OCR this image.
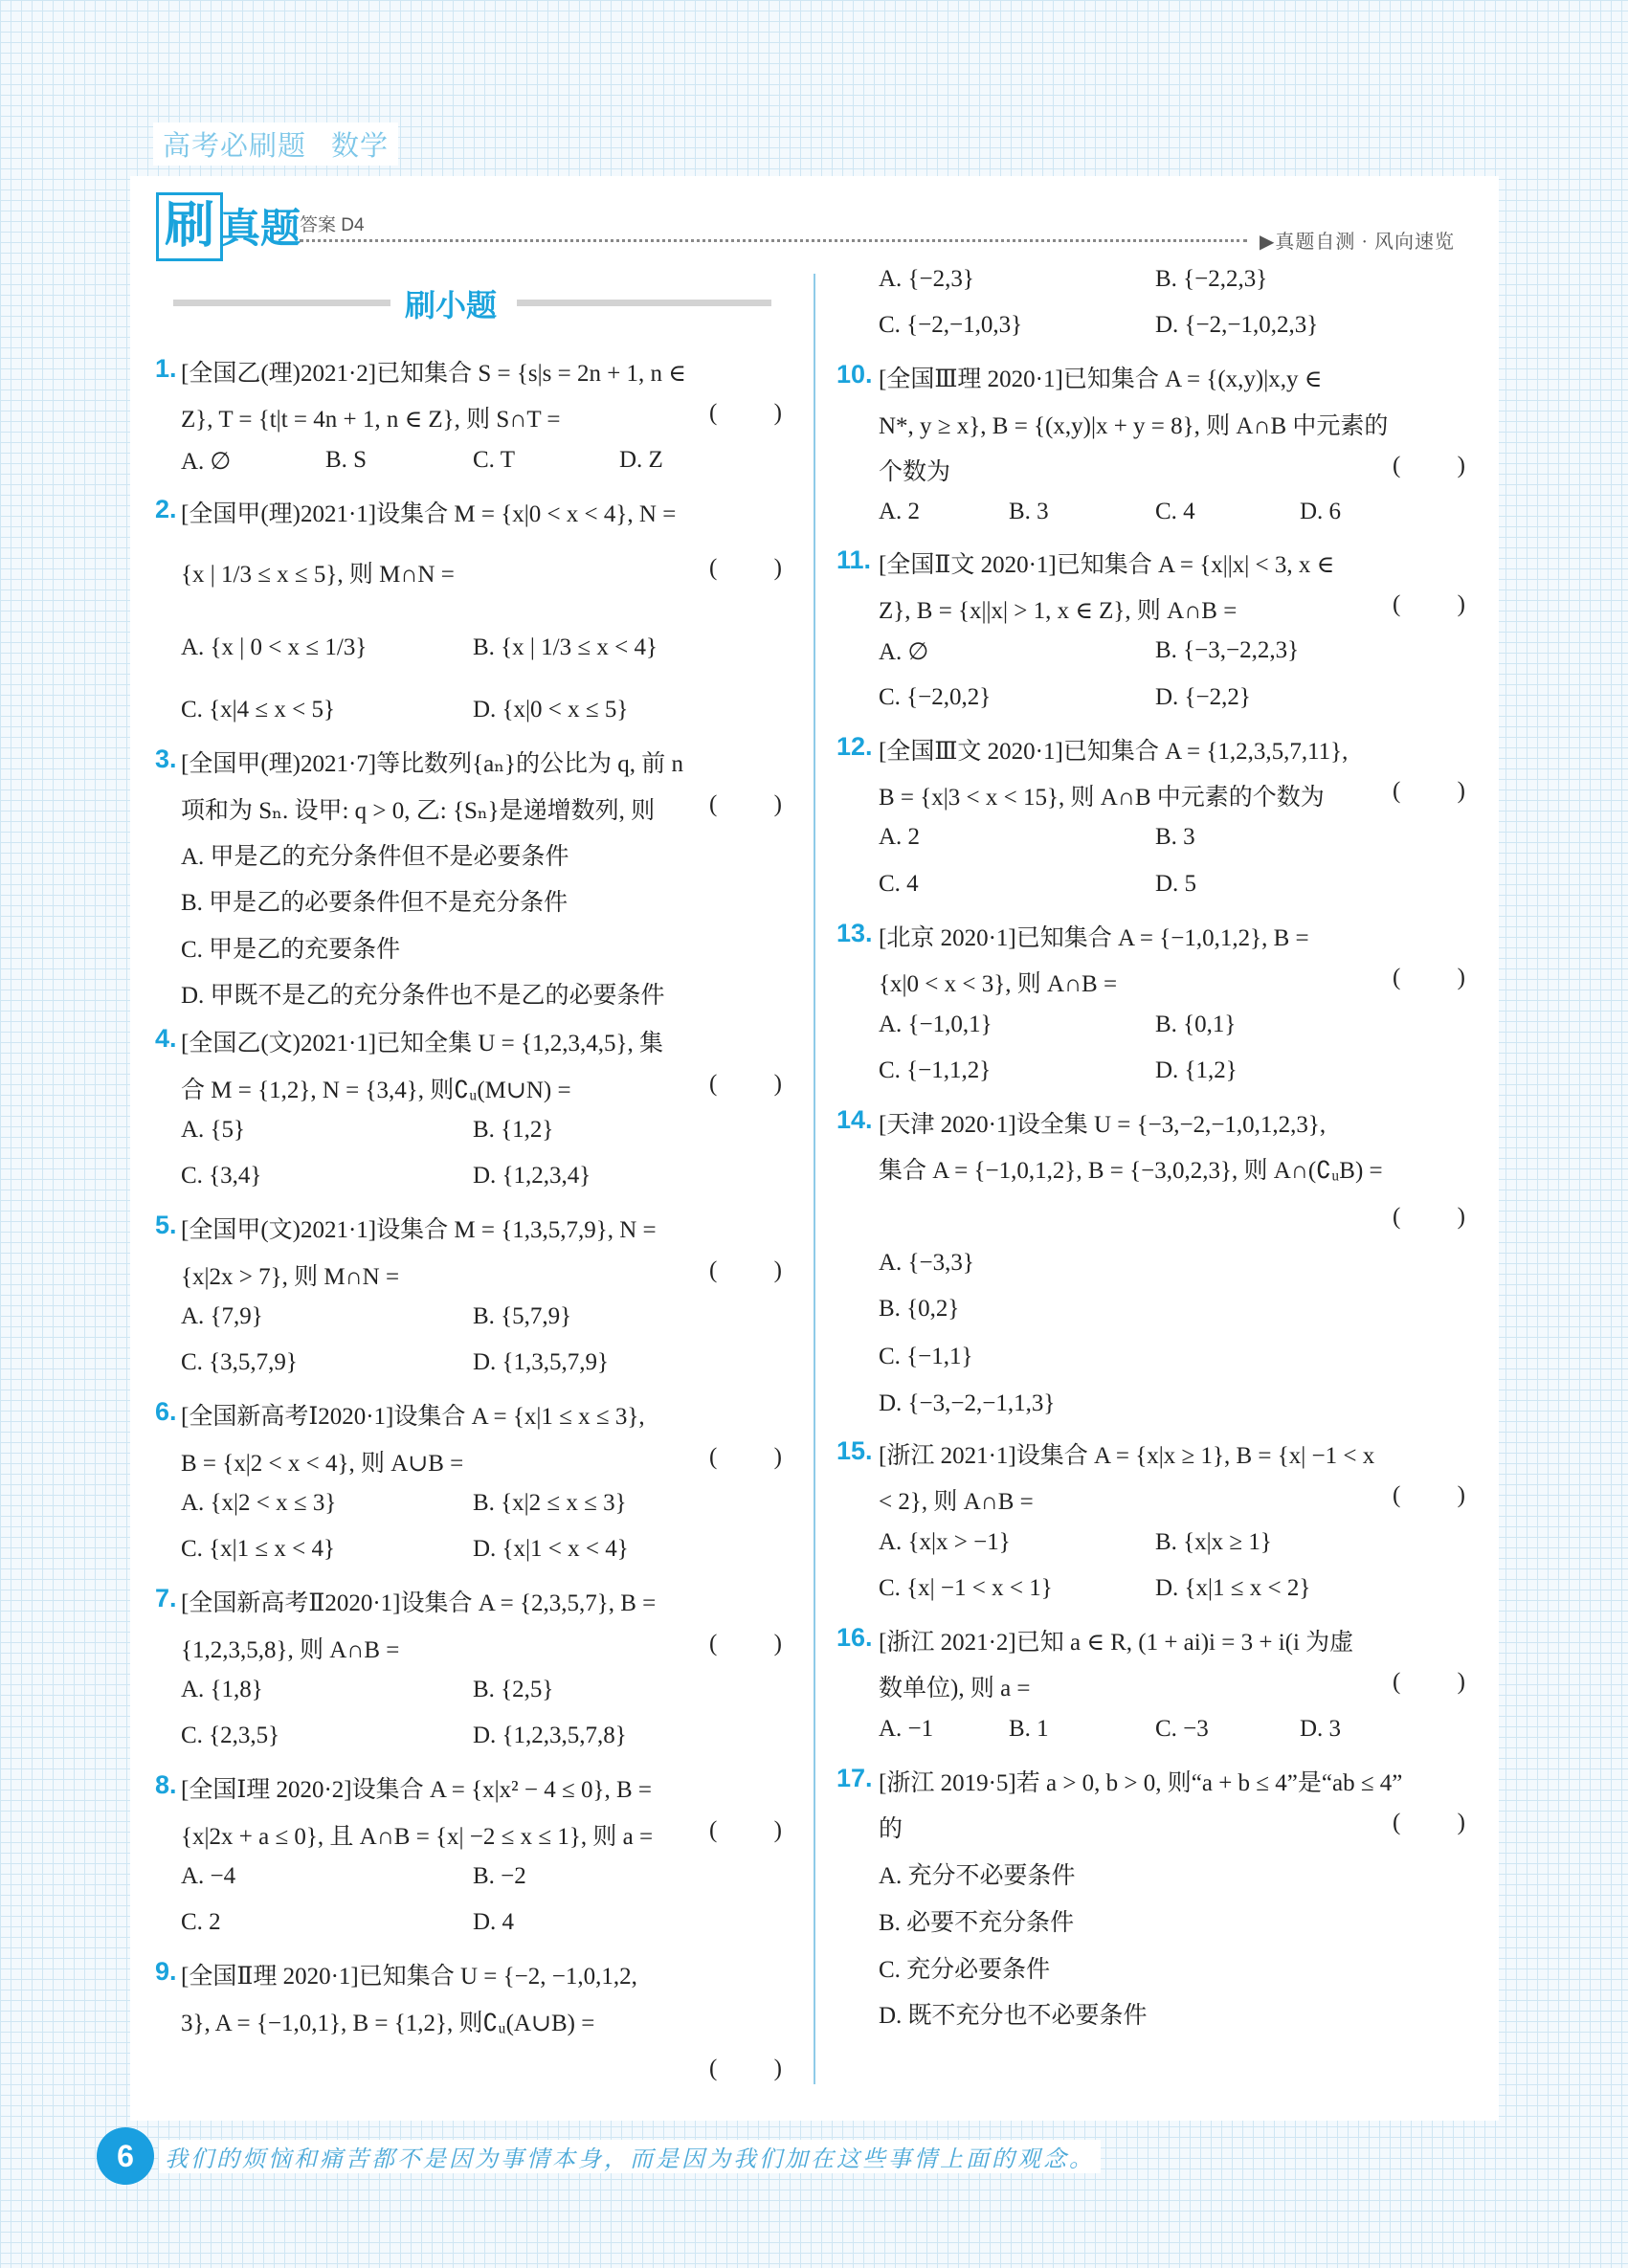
高考必刷题 数学
刷 真题
答案 D4
▶真题自测 · 风向速览
刷小题
1. [全国乙(理)2021·2]已知集合 S = {s|s = 2n + 1, n ∈
Z}, T = {t|t = 4n + 1, n ∈ Z}, 则 S∩T =	( )
A. ∅	B. S	C. T	D. Z
2. [全国甲(理)2021·1]设集合 M = {x|0 < x < 4}, N =
{x | 1/3 ≤ x ≤ 5}, 则 M∩N =	( )
A. {x | 0 < x ≤ 1/3}	B. {x | 1/3 ≤ x < 4}
C. {x|4 ≤ x < 5}	D. {x|0 < x ≤ 5}
3. [全国甲(理)2021·7]等比数列{aₙ}的公比为 q, 前 n
项和为 Sₙ. 设甲: q > 0, 乙: {Sₙ}是递增数列, 则 ( )
A. 甲是乙的充分条件但不是必要条件
B. 甲是乙的必要条件但不是充分条件
C. 甲是乙的充要条件
D. 甲既不是乙的充分条件也不是乙的必要条件
4. [全国乙(文)2021·1]已知全集 U = {1,2,3,4,5}, 集
合 M = {1,2}, N = {3,4}, 则∁ᵤ(M∪N) =	( )
A. {5}	B. {1,2}
C. {3,4}	D. {1,2,3,4}
5. [全国甲(文)2021·1]设集合 M = {1,3,5,7,9}, N =
{x|2x > 7}, 则 M∩N =	( )
A. {7,9}	B. {5,7,9}
C. {3,5,7,9}	D. {1,3,5,7,9}
6. [全国新高考Ⅰ2020·1]设集合 A = {x|1 ≤ x ≤ 3},
B = {x|2 < x < 4}, 则 A∪B =	( )
A. {x|2 < x ≤ 3}	B. {x|2 ≤ x ≤ 3}
C. {x|1 ≤ x < 4}	D. {x|1 < x < 4}
7. [全国新高考Ⅱ2020·1]设集合 A = {2,3,5,7}, B =
{1,2,3,5,8}, 则 A∩B =	( )
A. {1,8}	B. {2,5}
C. {2,3,5}	D. {1,2,3,5,7,8}
8. [全国Ⅰ理 2020·2]设集合 A = {x|x² − 4 ≤ 0}, B =
{x|2x + a ≤ 0}, 且 A∩B = {x| −2 ≤ x ≤ 1}, 则 a = ( )
A. −4	B. −2
C. 2	D. 4
9. [全国Ⅱ理 2020·1]已知集合 U = {−2, −1,0,1,2,
3}, A = {−1,0,1}, B = {1,2}, 则∁ᵤ(A∪B) =
( )
A. {−2,3}	B. {−2,2,3}
C. {−2,−1,0,3}	D. {−2,−1,0,2,3}
10. [全国Ⅲ理 2020·1]已知集合 A = {(x,y)|x,y ∈
N*, y ≥ x}, B = {(x,y)|x + y = 8}, 则 A∩B 中元素的
个数为	( )
A. 2	B. 3	C. 4	D. 6
11. [全国Ⅱ文 2020·1]已知集合 A = {x||x| < 3, x ∈
Z}, B = {x||x| > 1, x ∈ Z}, 则 A∩B =	( )
A. ∅	B. {−3,−2,2,3}
C. {−2,0,2}	D. {−2,2}
12. [全国Ⅲ文 2020·1]已知集合 A = {1,2,3,5,7,11},
B = {x|3 < x < 15}, 则 A∩B 中元素的个数为	( )
A. 2	B. 3
C. 4	D. 5
13. [北京 2020·1]已知集合 A = {−1,0,1,2}, B =
{x|0 < x < 3}, 则 A∩B =	( )
A. {−1,0,1}	B. {0,1}
C. {−1,1,2}	D. {1,2}
14. [天津 2020·1]设全集 U = {−3,−2,−1,0,1,2,3},
集合 A = {−1,0,1,2}, B = {−3,0,2,3}, 则 A∩(∁ᵤB) =
( )
A. {−3,3}
B. {0,2}
C. {−1,1}
D. {−3,−2,−1,1,3}
15. [浙江 2021·1]设集合 A = {x|x ≥ 1}, B = {x| −1 < x
< 2}, 则 A∩B =	( )
A. {x|x > −1}	B. {x|x ≥ 1}
C. {x| −1 < x < 1}	D. {x|1 ≤ x < 2}
16. [浙江 2021·2]已知 a ∈ R, (1 + ai)i = 3 + i(i 为虚
数单位), 则 a =	( )
A. −1	B. 1	C. −3	D. 3
17. [浙江 2019·5]若 a > 0, b > 0, 则“a + b ≤ 4”是“ab ≤ 4”
的	( )
A. 充分不必要条件
B. 必要不充分条件
C. 充分必要条件
D. 既不充分也不必要条件
6	我们的烦恼和痛苦都不是因为事情本身，而是因为我们加在这些事情上面的观念。
